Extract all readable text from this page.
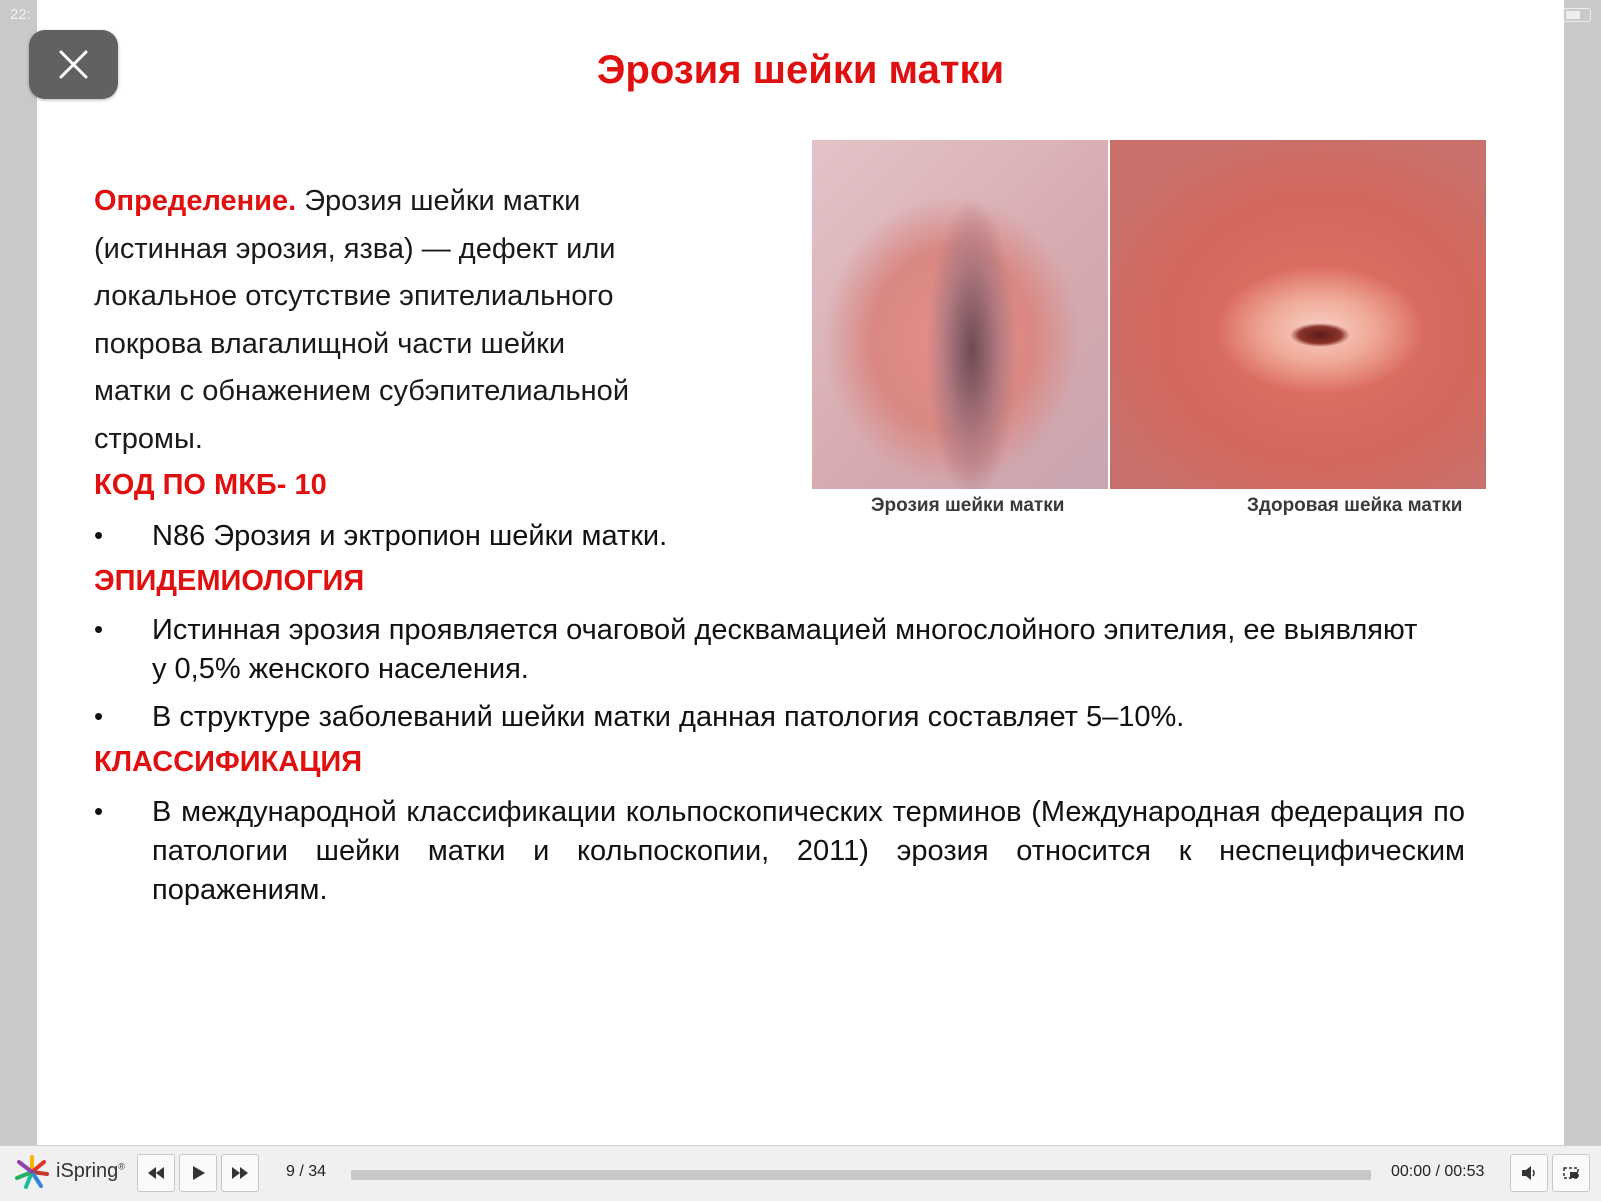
22:
Эрозия шейки матки
Определение. Эрозия шейки матки
(истинная эрозия, язва) — дефект или
локальное отсутствие эпителиального
покрова влагалищной части шейки
матки с обнажением субэпителиальной
стромы.
КОД ПО МКБ- 10
• N86 Эрозия и эктропион шейки матки.
ЭПИДЕМИОЛОГИЯ
• Истинная эрозия проявляется очаговой десквамацией многослойного эпителия, ее выявляют у 0,5% женского населения.
• В структуре заболеваний шейки матки данная патология составляет 5–10%.
КЛАССИФИКАЦИЯ
• В международной классификации кольпоскопических терминов (Международная федерация по патологии шейки матки и кольпоскопии, 2011) эрозия относится к неспецифическим поражениям.
Эрозия шейки матки	Здоровая шейка матки
iSpring®	9 / 34	00:00 / 00:53
